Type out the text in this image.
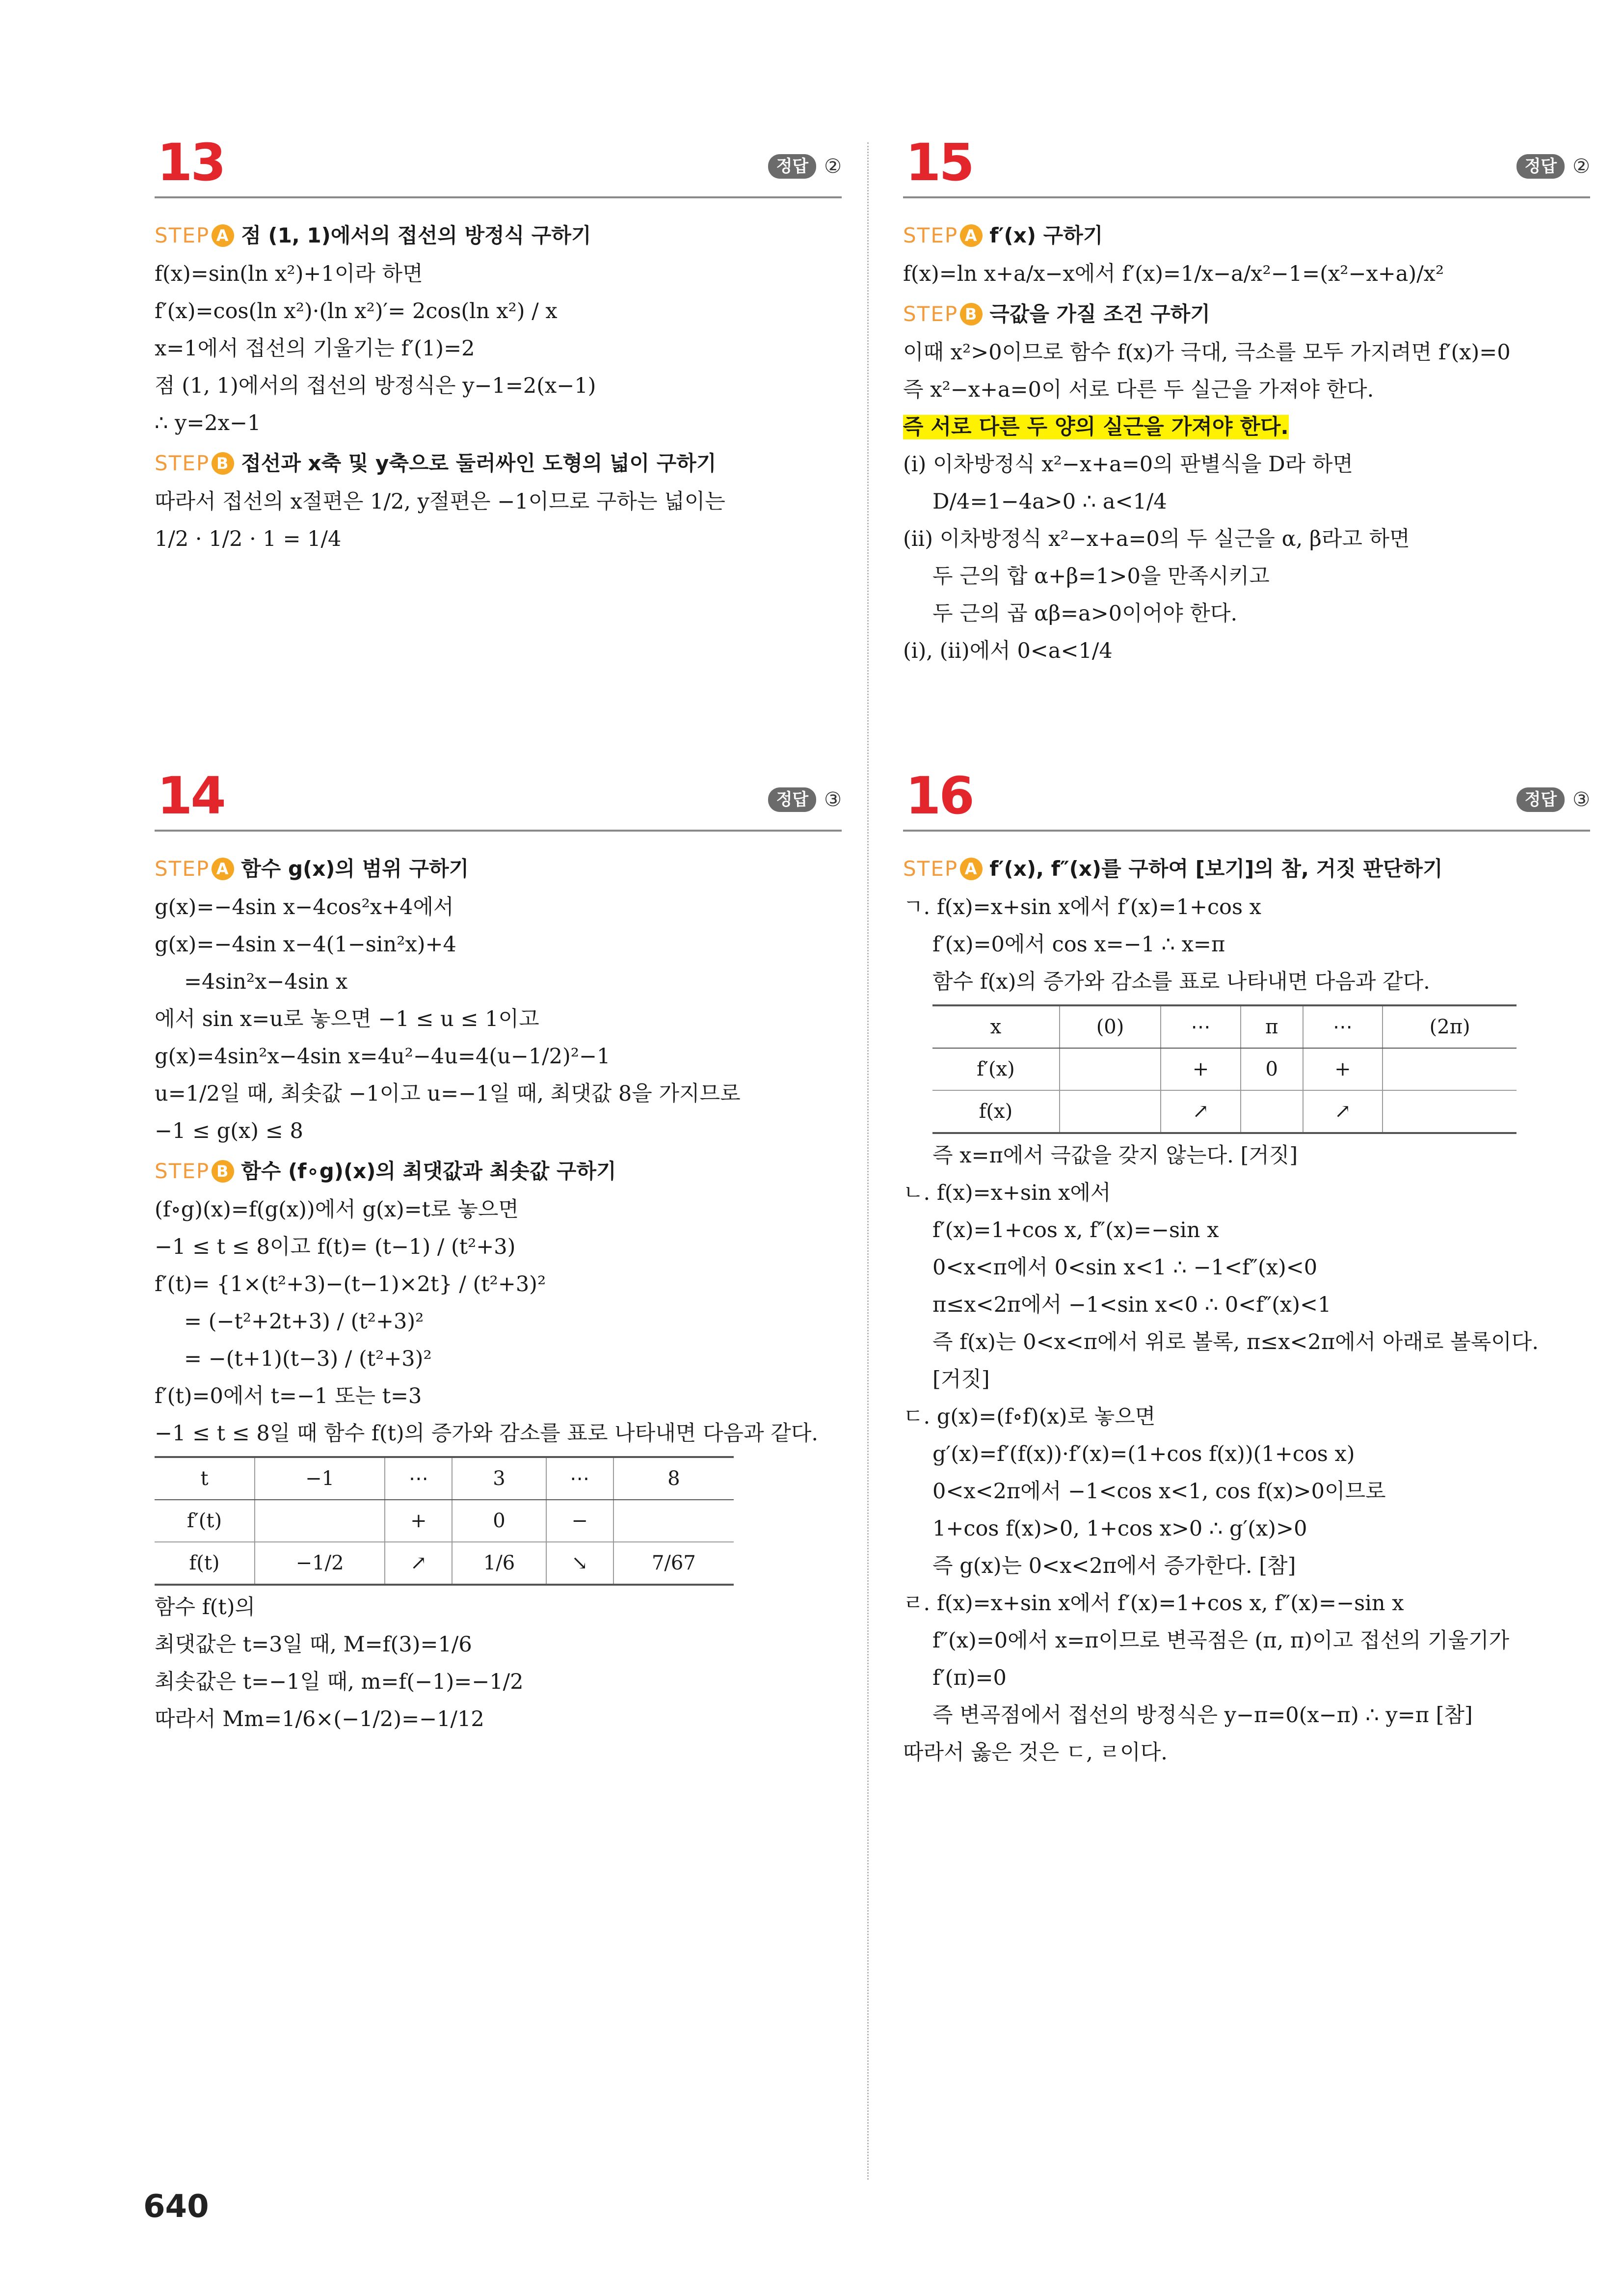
13	정답 ②
STEP A 점 (1, 1)에서의 접선의 방정식 구하기
f(x)=sin(ln x²)+1이라 하면
f′(x)=cos(ln x²)·(ln x²)′= 2cos(ln x²) / x
x=1에서 접선의 기울기는 f′(1)=2
점 (1, 1)에서의 접선의 방정식은 y−1=2(x−1)
∴ y=2x−1
STEP B 접선과 x축 및 y축으로 둘러싸인 도형의 넓이 구하기
따라서 접선의 x절편은 1/2, y절편은 −1이므로 구하는 넓이는
1/2 · 1/2 · 1 = 1/4
14	정답 ③
STEP A 함수 g(x)의 범위 구하기
g(x)=−4sin x−4cos²x+4에서
g(x)=−4sin x−4(1−sin²x)+4
=4sin²x−4sin x
에서 sin x=u로 놓으면 −1 ≤ u ≤ 1이고
g(x)=4sin²x−4sin x=4u²−4u=4(u−1/2)²−1
u=1/2일 때, 최솟값 −1이고 u=−1일 때, 최댓값 8을 가지므로
−1 ≤ g(x) ≤ 8
STEP B 함수 (f∘g)(x)의 최댓값과 최솟값 구하기
(f∘g)(x)=f(g(x))에서 g(x)=t로 놓으면
−1 ≤ t ≤ 8이고 f(t)= (t−1) / (t²+3)
f′(t)= {1×(t²+3)−(t−1)×2t} / (t²+3)²
= (−t²+2t+3) / (t²+3)²
= −(t+1)(t−3) / (t²+3)²
f′(t)=0에서 t=−1 또는 t=3
−1 ≤ t ≤ 8일 때 함수 f(t)의 증가와 감소를 표로 나타내면 다음과 같다.
t	−1	⋯	3	⋯	8
f′(t)		+	0	−	
f(t)	−1/2	↗	1/6	↘	7/67
함수 f(t)의
최댓값은 t=3일 때, M=f(3)=1/6
최솟값은 t=−1일 때, m=f(−1)=−1/2
따라서 Mm=1/6×(−1/2)=−1/12
15	정답 ②
STEP A f′(x) 구하기
f(x)=ln x+a/x−x에서 f′(x)=1/x−a/x²−1=(x²−x+a)/x²
STEP B 극값을 가질 조건 구하기
이때 x²>0이므로 함수 f(x)가 극대, 극소를 모두 가지려면 f′(x)=0
즉 x²−x+a=0이 서로 다른 두 실근을 가져야 한다.
즉 서로 다른 두 양의 실근을 가져야 한다.
(ⅰ) 이차방정식 x²−x+a=0의 판별식을 D라 하면
D/4=1−4a>0 ∴ a<1/4
(ⅱ) 이차방정식 x²−x+a=0의 두 실근을 α, β라고 하면
두 근의 합 α+β=1>0을 만족시키고
두 근의 곱 αβ=a>0이어야 한다.
(ⅰ), (ⅱ)에서 0<a<1/4
16	정답 ③
STEP A f′(x), f″(x)를 구하여 [보기]의 참, 거짓 판단하기
ㄱ. f(x)=x+sin x에서 f′(x)=1+cos x
f′(x)=0에서 cos x=−1 ∴ x=π
함수 f(x)의 증가와 감소를 표로 나타내면 다음과 같다.
x	(0)	⋯	π	⋯	(2π)
f′(x)		+	0	+	
f(x)		↗		↗	
즉 x=π에서 극값을 갖지 않는다. [거짓]
ㄴ. f(x)=x+sin x에서
f′(x)=1+cos x, f″(x)=−sin x
0<x<π에서 0<sin x<1 ∴ −1<f″(x)<0
π≤x<2π에서 −1<sin x<0 ∴ 0<f″(x)<1
즉 f(x)는 0<x<π에서 위로 볼록, π≤x<2π에서 아래로 볼록이다.
[거짓]
ㄷ. g(x)=(f∘f)(x)로 놓으면
g′(x)=f′(f(x))·f′(x)=(1+cos f(x))(1+cos x)
0<x<2π에서 −1<cos x<1, cos f(x)>0이므로
1+cos f(x)>0, 1+cos x>0 ∴ g′(x)>0
즉 g(x)는 0<x<2π에서 증가한다. [참]
ㄹ. f(x)=x+sin x에서 f′(x)=1+cos x, f″(x)=−sin x
f″(x)=0에서 x=π이므로 변곡점은 (π, π)이고 접선의 기울기가
f′(π)=0
즉 변곡점에서 접선의 방정식은 y−π=0(x−π) ∴ y=π [참]
따라서 옳은 것은 ㄷ, ㄹ이다.
640
